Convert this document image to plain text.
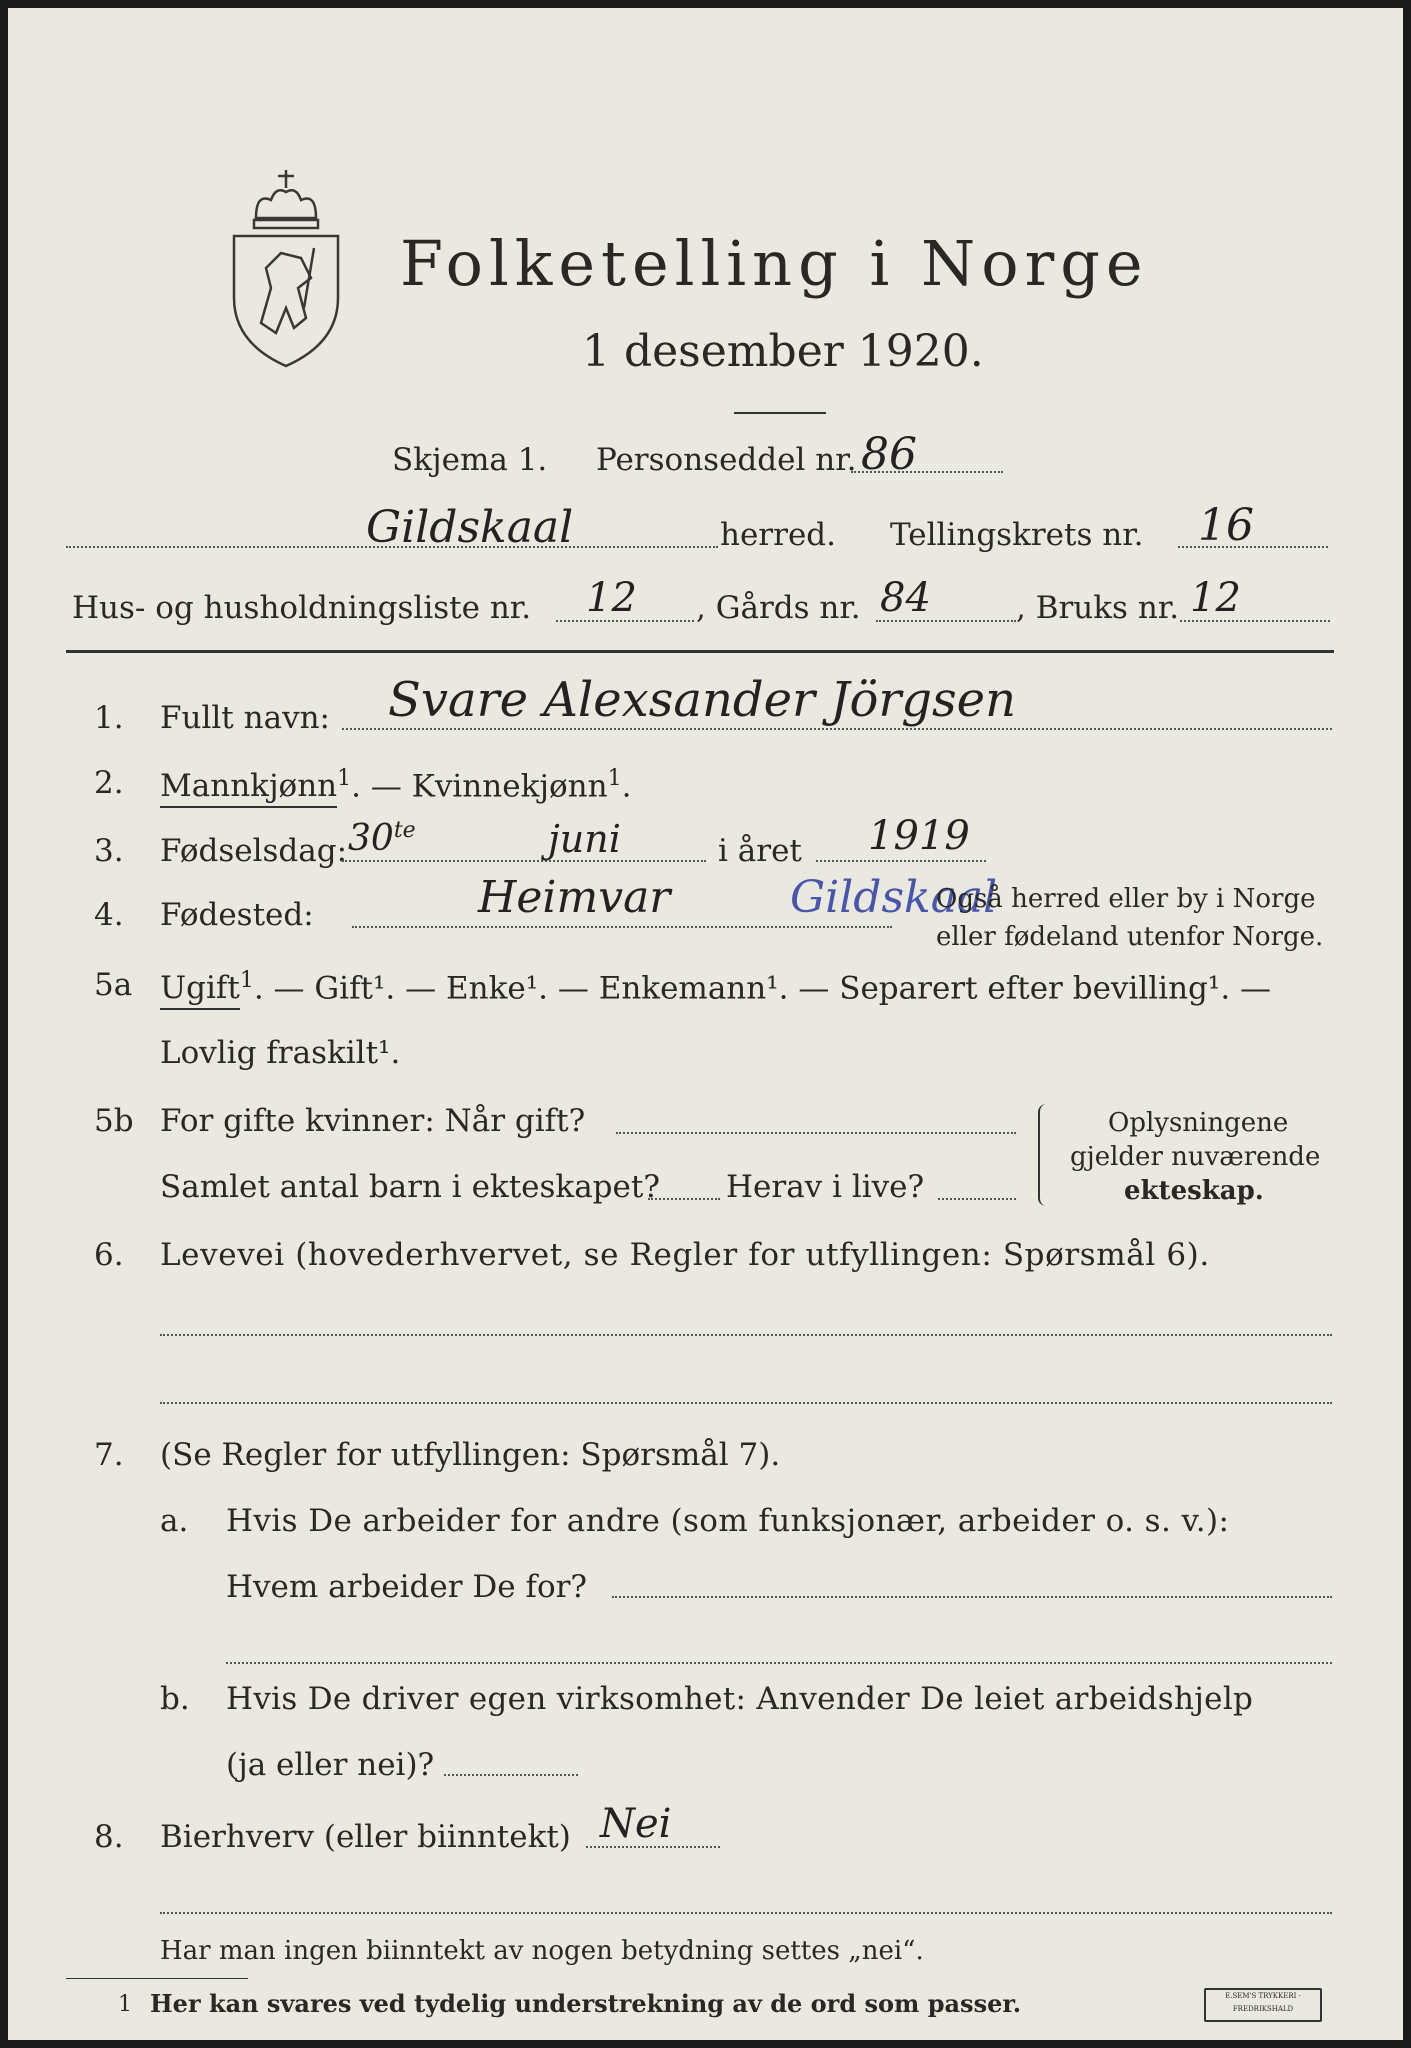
Folketelling i Norge
1 desember 1920.
Skjema 1. Personseddel nr. 86
Gildskaal	herred. Tellingskrets nr. 16
Hus- og husholdningsliste nr. 12 , Gårds nr. 84	, Bruks nr. 12
1. Fullt navn: Svare Alexsander Jörgsen
2. Mannkjønn$^1$. — Kvinnekjønn$^1$.
3. Fødselsdag: $30^{te}$	juni	i året 1919
4. Fødested:	Heimvar	Gildskaal
Også herred eller by i Norge
eller fødeland utenfor Norge.
5a Ugift$^1$. — Gift¹. — Enke¹. — Enkemann¹. — Separert efter bevilling¹. —
Lovlig fraskilt¹.
5b For gifte kvinner: Når gift?
Samlet antal barn i ekteskapet? Herav i live?
Oplysningene
gjelder nuværende
ekteskap.
6. Levevei (hovederhvervet, se Regler for utfyllingen: Spørsmål 6).
7. (Se Regler for utfyllingen: Spørsmål 7).
a. Hvis De arbeider for andre (som funksjonær, arbeider o. s. v.):
Hvem arbeider De for?
b. Hvis De driver egen virksomhet: Anvender De leiet arbeidshjelp
(ja eller nei)?
8. Bierhverv (eller biinntekt) Nei
Har man ingen biinntekt av nogen betydning settes „nei“.
1 Her kan svares ved tydelig understrekning av de ord som passer.	E.SEM'S TRYKKERI · FREDRIKSHALD
